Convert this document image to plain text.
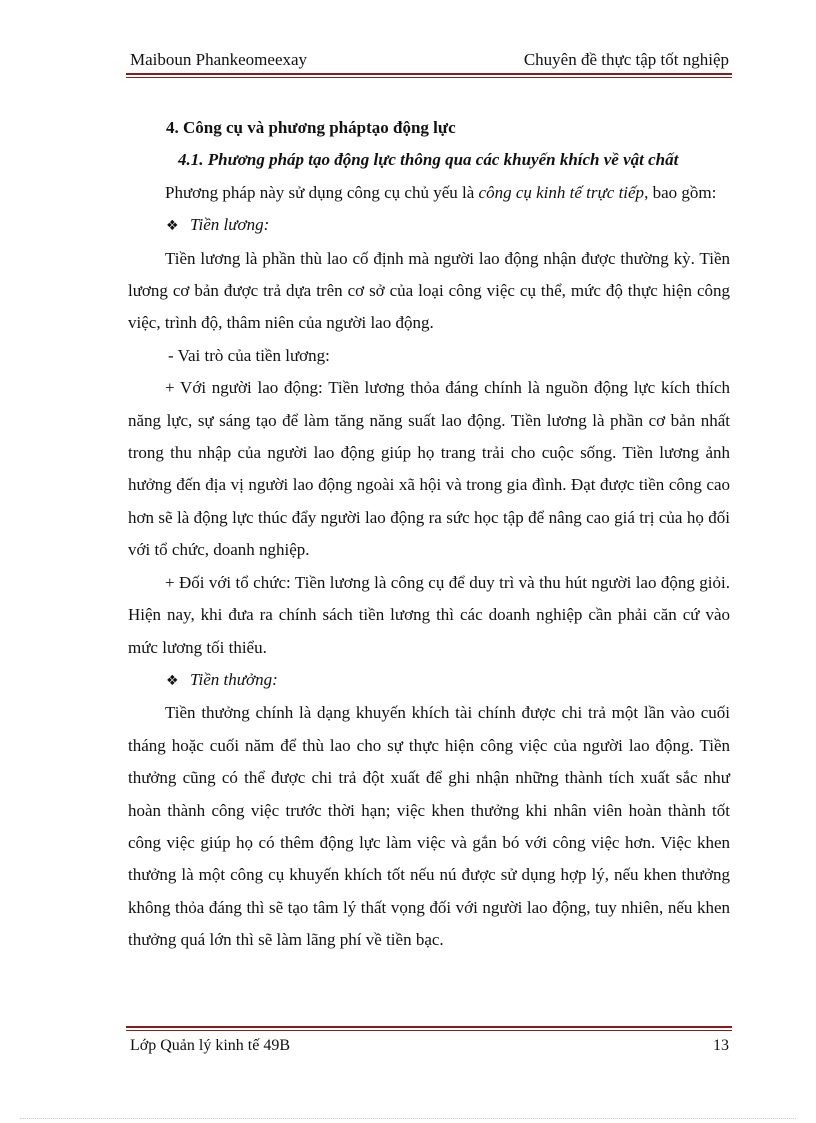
Maiboun Phankeomeexay	Chuyên đề thực tập tốt nghiệp

4. Công cụ và phương pháptạo động lực

4.1. Phương pháp tạo động lực thông qua các khuyến khích về vật chất

Phương pháp này sử dụng công cụ chủ yếu là công cụ kinh tế trực tiếp, bao gồm:

❖ Tiền lương:

Tiền lương là phần thù lao cố định mà người lao động nhận được thường kỳ. Tiền lương cơ bản được trả dựa trên cơ sở của loại công việc cụ thể, mức độ thực hiện công việc, trình độ, thâm niên của người lao động.

- Vai trò của tiền lương:

+ Với người lao động: Tiền lương thỏa đáng chính là nguồn động lực kích thích năng lực, sự sáng tạo để làm tăng năng suất lao động. Tiền lương là phần cơ bản nhất trong thu nhập của người lao động giúp họ trang trải cho cuộc sống. Tiền lương ảnh hưởng đến địa vị người lao động ngoài xã hội và trong gia đình. Đạt được tiền công cao hơn sẽ là động lực thúc đẩy người lao động ra sức học tập để nâng cao giá trị của họ đối với tổ chức, doanh nghiệp.

+ Đối với tổ chức: Tiền lương là công cụ để duy trì và thu hút người lao động giỏi. Hiện nay, khi đưa ra chính sách tiền lương thì các doanh nghiệp cần phải căn cứ vào mức lương tối thiểu.

❖ Tiền thưởng:

Tiền thưởng chính là dạng khuyến khích tài chính được chi trả một lần vào cuối tháng hoặc cuối năm để thù lao cho sự thực hiện công việc của người lao động. Tiền thưởng cũng có thể được chi trả đột xuất để ghi nhận những thành tích xuất sắc như hoàn thành công việc trước thời hạn; việc khen thưởng khi nhân viên hoàn thành tốt công việc giúp họ có thêm động lực làm việc và gắn bó với công việc hơn. Việc khen thưởng là một công cụ khuyến khích tốt nếu nú được sử dụng hợp lý, nếu khen thưởng không thỏa đáng thì sẽ tạo tâm lý thất vọng đối với người lao động, tuy nhiên, nếu khen thưởng quá lớn thì sẽ làm lãng phí về tiền bạc.

Lớp Quản lý kinh tế 49B	13
